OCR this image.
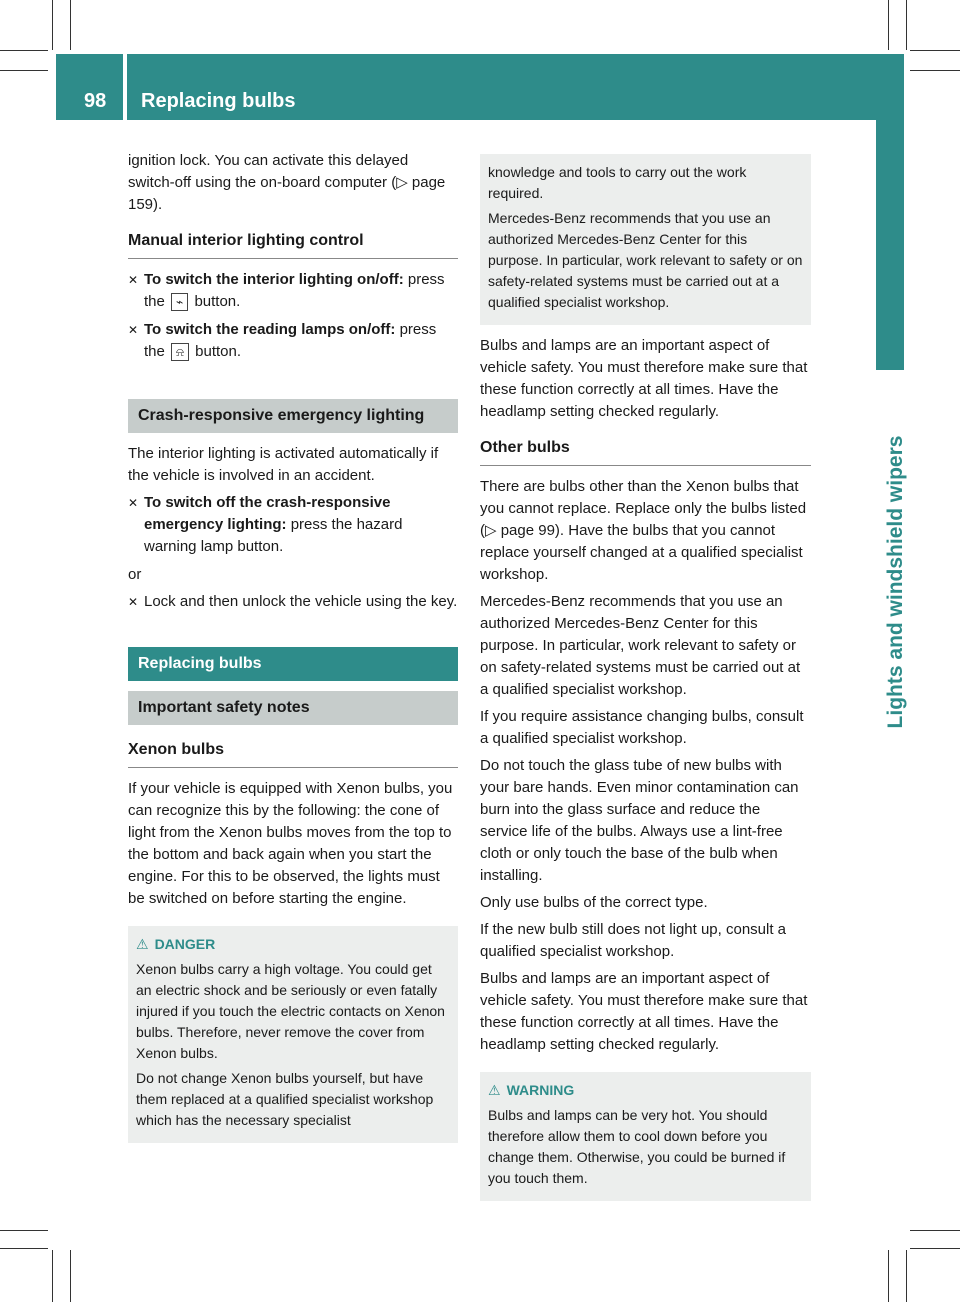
98 Replacing bulbs
Lights and windshield wipers

ignition lock. You can activate this delayed switch-off using the on-board computer (▷ page 159).

Manual interior lighting control
✕ To switch the interior lighting on/off: press the ⌁ button.
✕ To switch the reading lamps on/off: press the ⍾ button.
Crash-responsive emergency lighting

The interior lighting is activated automatically if the vehicle is involved in an accident.

✕ To switch off the crash-responsive emergency lighting: press the hazard warning lamp button.

or

✕ Lock and then unlock the vehicle using the key.
Replacing bulbs
Important safety notes
Xenon bulbs

If your vehicle is equipped with Xenon bulbs, you can recognize this by the following: the cone of light from the Xenon bulbs moves from the top to the bottom and back again when you start the engine. For this to be observed, the lights must be switched on before starting the engine.

⚠ DANGER

Xenon bulbs carry a high voltage. You could get an electric shock and be seriously or even fatally injured if you touch the electric contacts on Xenon bulbs. Therefore, never remove the cover from Xenon bulbs.

Do not change Xenon bulbs yourself, but have them replaced at a qualified specialist workshop which has the necessary specialist

knowledge and tools to carry out the work required.

Mercedes-Benz recommends that you use an authorized Mercedes-Benz Center for this purpose. In particular, work relevant to safety or on safety-related systems must be carried out at a qualified specialist workshop.

Bulbs and lamps are an important aspect of vehicle safety. You must therefore make sure that these function correctly at all times. Have the headlamp setting checked regularly.

Other bulbs

There are bulbs other than the Xenon bulbs that you cannot replace. Replace only the bulbs listed (▷ page 99). Have the bulbs that you cannot replace yourself changed at a qualified specialist workshop.

Mercedes-Benz recommends that you use an authorized Mercedes-Benz Center for this purpose. In particular, work relevant to safety or on safety-related systems must be carried out at a qualified specialist workshop.

If you require assistance changing bulbs, consult a qualified specialist workshop.

Do not touch the glass tube of new bulbs with your bare hands. Even minor contamination can burn into the glass surface and reduce the service life of the bulbs. Always use a lint-free cloth or only touch the base of the bulb when installing.

Only use bulbs of the correct type.

If the new bulb still does not light up, consult a qualified specialist workshop.

Bulbs and lamps are an important aspect of vehicle safety. You must therefore make sure that these function correctly at all times. Have the headlamp setting checked regularly.

⚠ WARNING

Bulbs and lamps can be very hot. You should therefore allow them to cool down before you change them. Otherwise, you could be burned if you touch them.
